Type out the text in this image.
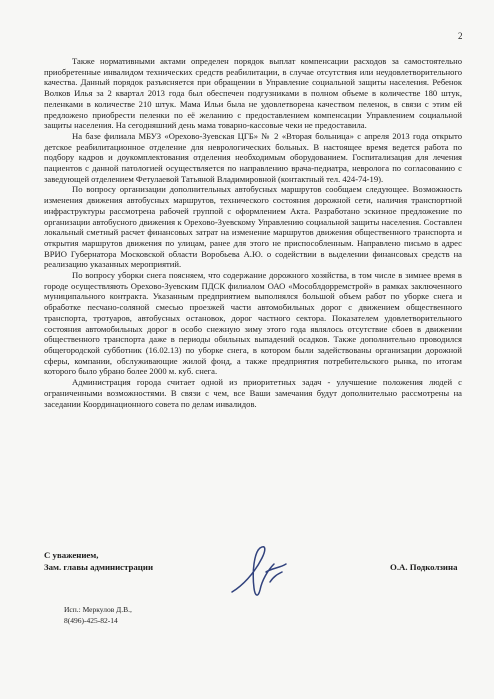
2

Также нормативными актами определен порядок выплат компенсации расходов за самостоятельно приобретенные инвалидом технических средств реабилитации, в случае отсутствия или неудовлетворительного качества. Данный порядок разъясняется при обращении в Управление социальной защиты населения. Ребенок Волков Илья за 2 квартал 2013 года был обеспечен подгузниками в полном объеме в количестве 180 штук, пеленками в количестве 210 штук. Мама Ильи была не удовлетворена качеством пеленок, в связи с этим ей предложено приобрести пеленки по её желанию с предоставлением компенсации Управлением социальной защиты населения. На сегодняшний день мама товарно-кассовые чеки не предоставила.

На базе филиала МБУЗ «Орехово-Зуевская ЦГБ» № 2 «Вторая больница» с апреля 2013 года открыто детское реабилитационное отделение для неврологических больных. В настоящее время ведется работа по подбору кадров и доукомплектования отделения необходимым оборудованием. Госпитализация для лечения пациентов с данной патологией осуществляется по направлению врача-педиатра, невролога по согласованию с заведующей отделением Фетулаевой Татьяной Владимировной (контактный тел. 424-74-19).

По вопросу организации дополнительных автобусных маршрутов сообщаем следующее. Возможность изменения движения автобусных маршрутов, технического состояния дорожной сети, наличия транспортной инфраструктуры рассмотрена рабочей группой с оформлением Акта. Разработано эскизное предложение по организации автобусного движения к Орехово-Зуевскому Управлению социальной защиты населения. Составлен локальный сметный расчет финансовых затрат на изменение маршрутов движения общественного транспорта и открытия маршрутов движения по улицам, ранее для этого не приспособленным. Направлено письмо в адрес ВРИО Губернатора Московской области Воробьева А.Ю. о содействии в выделении финансовых средств на реализацию указанных мероприятий.

По вопросу уборки снега поясняем, что содержание дорожного хозяйства, в том числе в зимнее время в городе осуществляють Орехово-Зуевским ПДСК филиалом ОАО «Мособлдорремстрой» в рамках заключенного муниципального контракта. Указанным предприятием выполнялся большой объем работ по уборке снега и обработке песчано-соляной смесью проезжей части автомобильных дорог с движением общественного транспорта, тротуаров, автобусных остановок, дорог частного сектора. Показателем удовлетворительного состояния автомобильных дорог в особо снежную зиму этого года являлось отсутствие сбоев в движении общественного транспорта даже в периоды обильных выпадений осадков. Также дополнительно проводился общегородской субботник (16.02.13) по уборке снега, в котором были задействованы организации дорожной сферы, компании, обслуживающие жилой фонд, а также предприятия потребительского рынка, по итогам которого было убрано более 2000 м. куб. снега.

Администрация города считает одной из приоритетных задач - улучшение положения людей с ограниченными возможностями. В связи с чем, все Ваши замечания будут дополнительно рассмотрены на заседании Координационного совета по делам инвалидов.

С уважением,
Зам. главы администрации	О.А. Подколзина
Исп.: Меркулов Д.В.,
8(496)-425-82-14
